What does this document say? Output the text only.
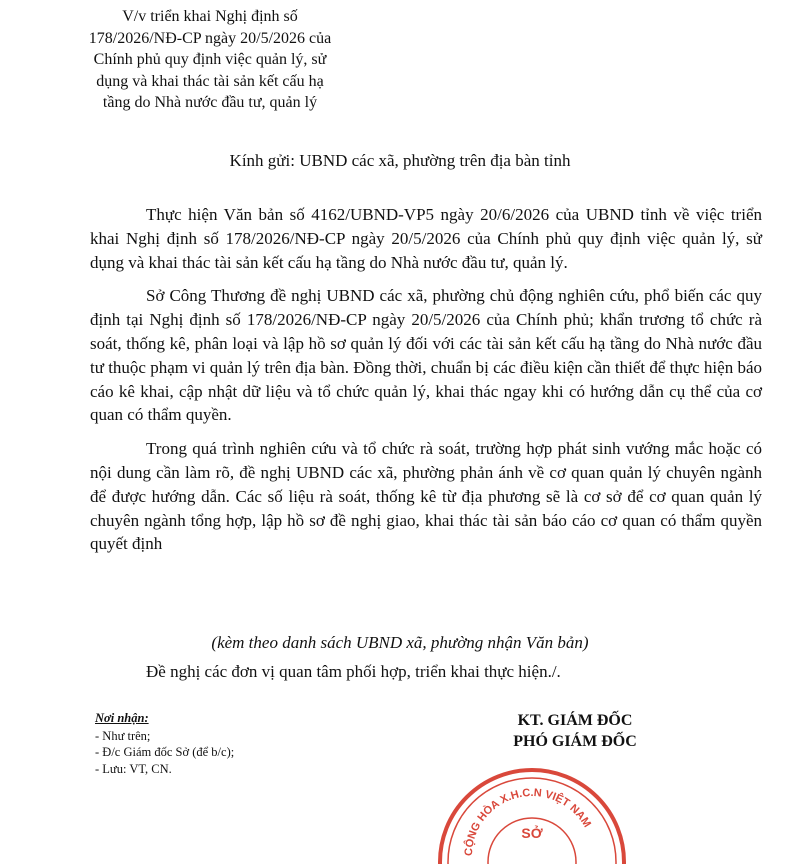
V/v triển khai Nghị định số
178/2026/NĐ-CP ngày 20/5/2026 của
Chính phủ quy định việc quản lý, sử
dụng và khai thác tài sản kết cấu hạ
tầng do Nhà nước đầu tư, quản lý
Kính gửi: UBND các xã, phường trên địa bàn tỉnh

Thực hiện Văn bản số 4162/UBND-VP5 ngày 20/6/2026 của UBND tỉnh về việc triển khai Nghị định số 178/2026/NĐ-CP ngày 20/5/2026 của Chính phủ quy định việc quản lý, sử dụng và khai thác tài sản kết cấu hạ tầng do Nhà nước đầu tư, quản lý.

Sở Công Thương đề nghị UBND các xã, phường chủ động nghiên cứu, phổ biến các quy định tại Nghị định số 178/2026/NĐ-CP ngày 20/5/2026 của Chính phủ; khẩn trương tổ chức rà soát, thống kê, phân loại và lập hồ sơ quản lý đối với các tài sản kết cấu hạ tầng do Nhà nước đầu tư thuộc phạm vi quản lý trên địa bàn. Đồng thời, chuẩn bị các điều kiện cần thiết để thực hiện báo cáo kê khai, cập nhật dữ liệu và tổ chức quản lý, khai thác ngay khi có hướng dẫn cụ thể của cơ quan có thẩm quyền.

Trong quá trình nghiên cứu và tổ chức rà soát, trường hợp phát sinh vướng mắc hoặc có nội dung cần làm rõ, đề nghị UBND các xã, phường phản ánh về cơ quan quản lý chuyên ngành để được hướng dẫn. Các số liệu rà soát, thống kê từ địa phương sẽ là cơ sở để cơ quan quản lý chuyên ngành tổng hợp, lập hồ sơ đề nghị giao, khai thác tài sản báo cáo cơ quan có thẩm quyền quyết định

(kèm theo danh sách UBND xã, phường nhận Văn bản)
Đề nghị các đơn vị quan tâm phối hợp, triển khai thực hiện./.
Nơi nhận:
- Như trên;
- Đ/c Giám đốc Sở (để b/c);
- Lưu: VT, CN.
KT. GIÁM ĐỐC
PHÓ GIÁM ĐỐC
CỘNG HÒA X.H.C.N VIỆT NAM
SỞ
